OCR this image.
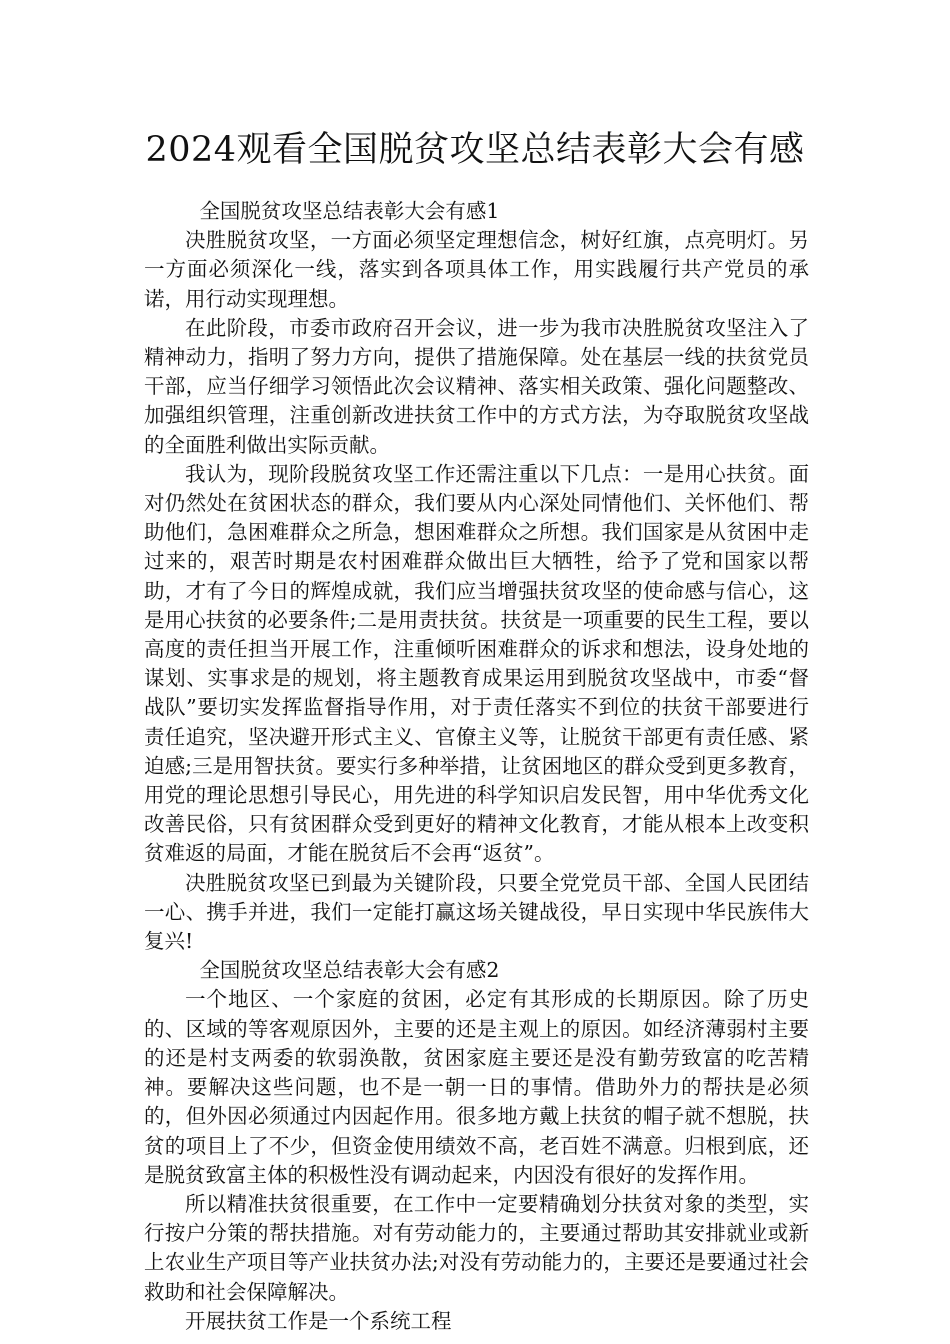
2024观看全国脱贫攻坚总结表彰大会有感

全国脱贫攻坚总结表彰大会有感1

决胜脱贫攻坚，一方面必须坚定理想信念，树好红旗，点亮明灯。另一方面必须深化一线，落实到各项具体工作，用实践履行共产党员的承诺，用行动实现理想。

在此阶段，市委市政府召开会议，进一步为我市决胜脱贫攻坚注入了精神动力，指明了努力方向，提供了措施保障。处在基层一线的扶贫党员干部，应当仔细学习领悟此次会议精神、落实相关政策、强化问题整改、加强组织管理，注重创新改进扶贫工作中的方式方法，为夺取脱贫攻坚战的全面胜利做出实际贡献。

我认为，现阶段脱贫攻坚工作还需注重以下几点：一是用心扶贫。面对仍然处在贫困状态的群众，我们要从内心深处同情他们、关怀他们、帮助他们，急困难群众之所急，想困难群众之所想。我们国家是从贫困中走过来的，艰苦时期是农村困难群众做出巨大牺牲，给予了党和国家以帮助，才有了今日的辉煌成就，我们应当增强扶贫攻坚的使命感与信心，这是用心扶贫的必要条件;二是用责扶贫。扶贫是一项重要的民生工程，要以高度的责任担当开展工作，注重倾听困难群众的诉求和想法，设身处地的谋划、实事求是的规划，将主题教育成果运用到脱贫攻坚战中，市委“督战队”要切实发挥监督指导作用，对于责任落实不到位的扶贫干部要进行责任追究，坚决避开形式主义、官僚主义等，让脱贫干部更有责任感、紧迫感;三是用智扶贫。要实行多种举措，让贫困地区的群众受到更多教育，用党的理论思想引导民心，用先进的科学知识启发民智，用中华优秀文化改善民俗，只有贫困群众受到更好的精神文化教育，才能从根本上改变积贫难返的局面，才能在脱贫后不会再“返贫”。

决胜脱贫攻坚已到最为关键阶段，只要全党党员干部、全国人民团结一心、携手并进，我们一定能打赢这场关键战役，早日实现中华民族伟大复兴!

全国脱贫攻坚总结表彰大会有感2

一个地区、一个家庭的贫困，必定有其形成的长期原因。除了历史的、区域的等客观原因外，主要的还是主观上的原因。如经济薄弱村主要的还是村支两委的软弱涣散，贫困家庭主要还是没有勤劳致富的吃苦精神。要解决这些问题，也不是一朝一日的事情。借助外力的帮扶是必须的，但外因必须通过内因起作用。很多地方戴上扶贫的帽子就不想脱，扶贫的项目上了不少，但资金使用绩效不高，老百姓不满意。归根到底，还是脱贫致富主体的积极性没有调动起来，内因没有很好的发挥作用。

所以精准扶贫很重要，在工作中一定要精确划分扶贫对象的类型，实行按户分策的帮扶措施。对有劳动能力的，主要通过帮助其安排就业或新上农业生产项目等产业扶贫办法;对没有劳动能力的，主要还是要通过社会救助和社会保障解决。

开展扶贫工作是一个系统工程
